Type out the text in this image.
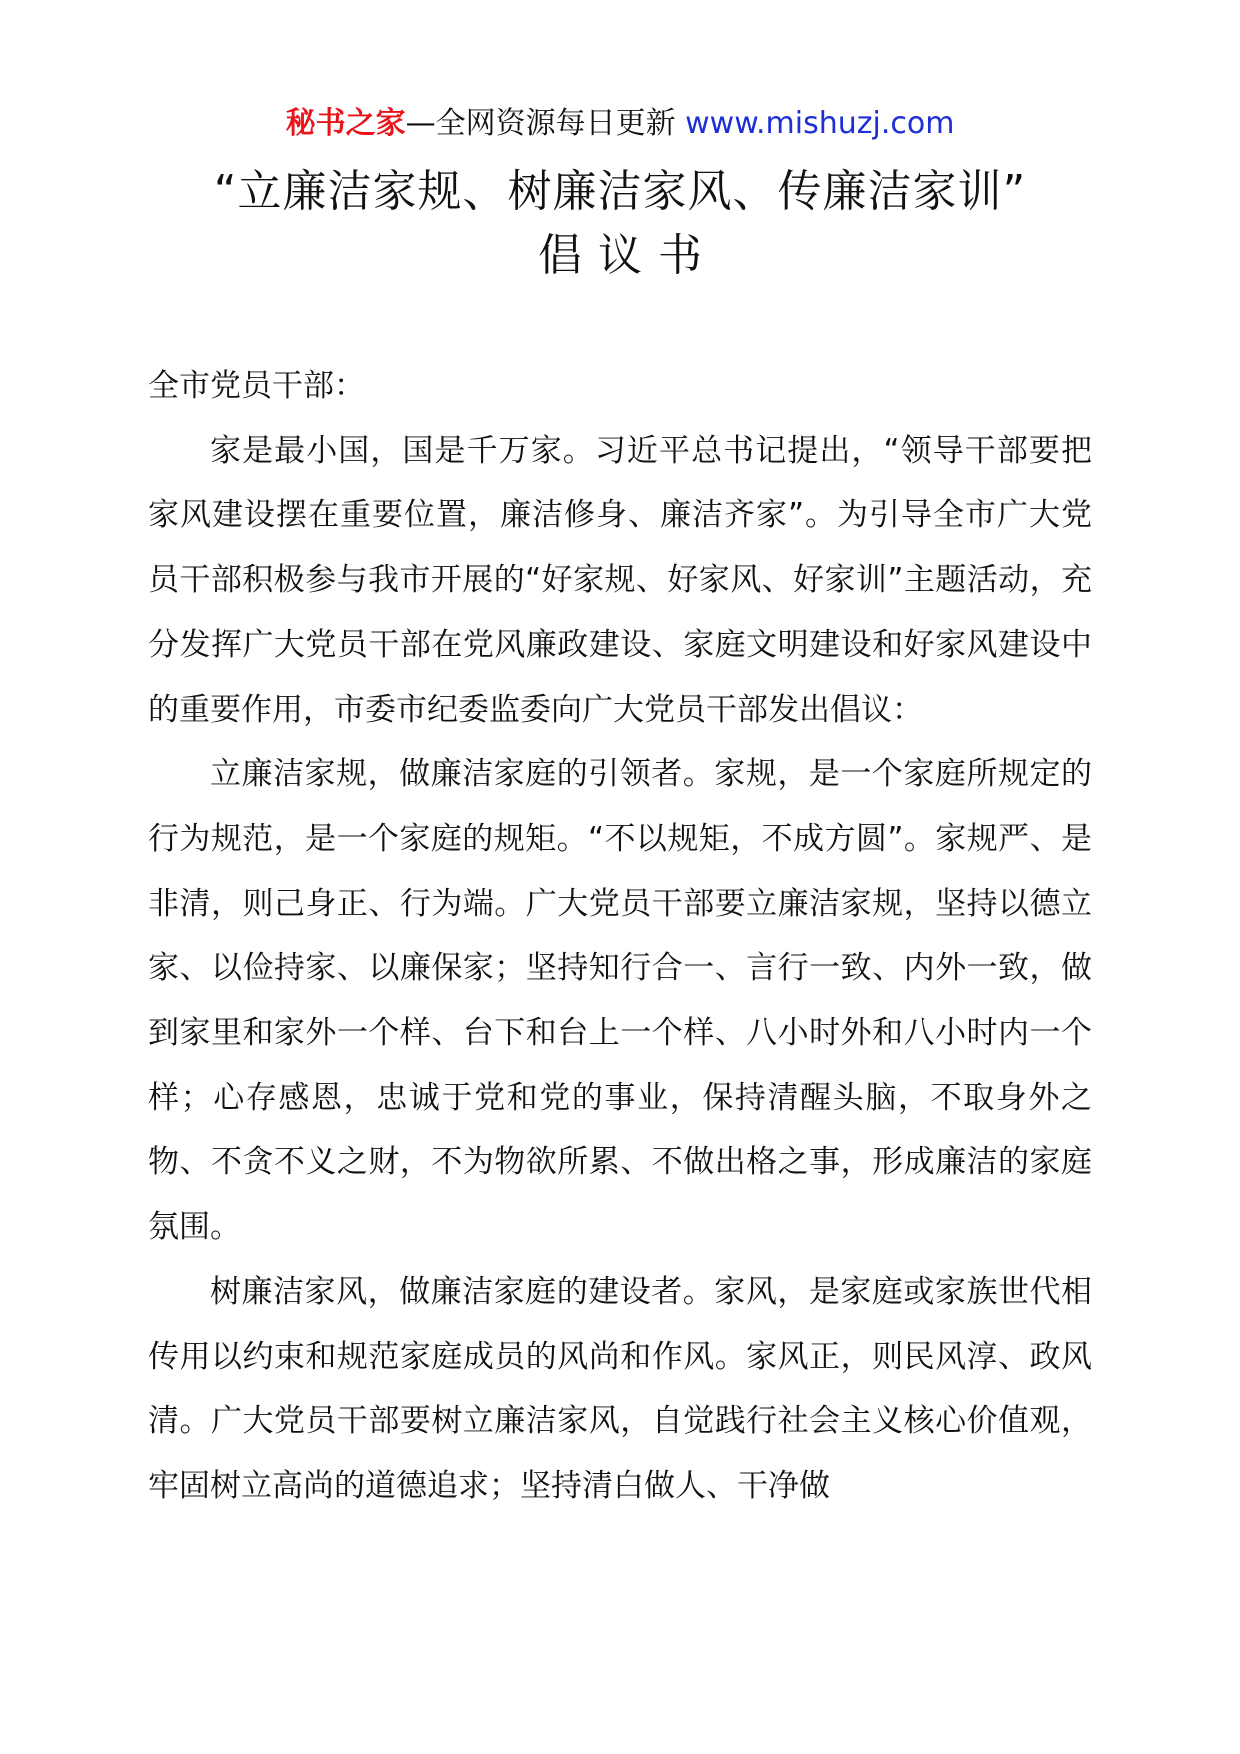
秘书之家—全网资源每日更新 www.mishuzj.com
“立廉洁家规、树廉洁家风、传廉洁家训”
倡议书

全市党员干部：

家是最小国，国是千万家。习近平总书记提出，“领导干部要把家风建设摆在重要位置，廉洁修身、廉洁齐家”。为引导全市广大党员干部积极参与我市开展的“好家规、好家风、好家训”主题活动，充分发挥广大党员干部在党风廉政建设、家庭文明建设和好家风建设中的重要作用，市委市纪委监委向广大党员干部发出倡议：

立廉洁家规，做廉洁家庭的引领者。家规，是一个家庭所规定的行为规范，是一个家庭的规矩。“不以规矩，不成方圆”。家规严、是非清，则己身正、行为端。广大党员干部要立廉洁家规，坚持以德立家、以俭持家、以廉保家；坚持知行合一、言行一致、内外一致，做到家里和家外一个样、台下和台上一个样、八小时外和八小时内一个样；心存感恩，忠诚于党和党的事业，保持清醒头脑，不取身外之物、不贪不义之财，不为物欲所累、不做出格之事，形成廉洁的家庭氛围。

树廉洁家风，做廉洁家庭的建设者。家风，是家庭或家族世代相传用以约束和规范家庭成员的风尚和作风。家风正，则民风淳、政风清。广大党员干部要树立廉洁家风，自觉践行社会主义核心价值观，牢固树立高尚的道德追求；坚持清白做人、干净做
